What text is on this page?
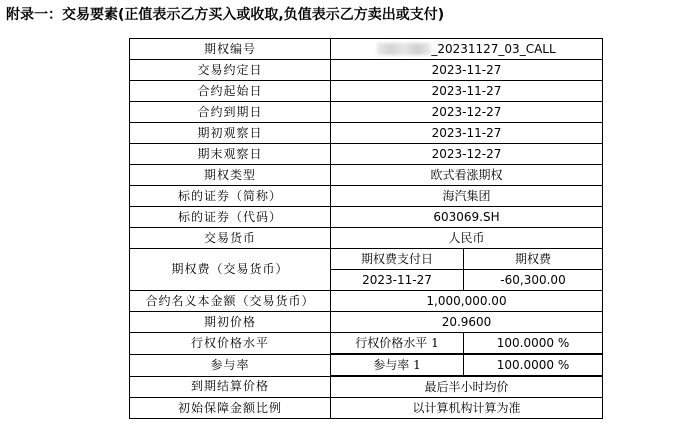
附录一：交易要素(正值表示乙方买入或收取,负值表示乙方卖出或支付)
期权编号	_20231127_03_CALL	
交易约定日	2023-11-27	
合约起始日	2023-11-27	
合约到期日	2023-12-27	
期初观察日	2023-11-27	
期末观察日	2023-12-27	
期权类型	欧式看涨期权	
标的证券（简称）	海汽集团	
标的证券（代码）	603069.SH	
交易货币	人民币	
期权费（交易货币）	期权费支付日	期权费
	2023-11-27	-60,300.00
合约名义本金额（交易货币）	1,000,000.00	
期初价格	20.9600	
行权价格水平	行权价格水平 1	100.0000 %
参与率	参与率 1	100.0000 %
到期结算价格	最后半小时均价	
初始保障金额比例	以计算机构计算为准	
